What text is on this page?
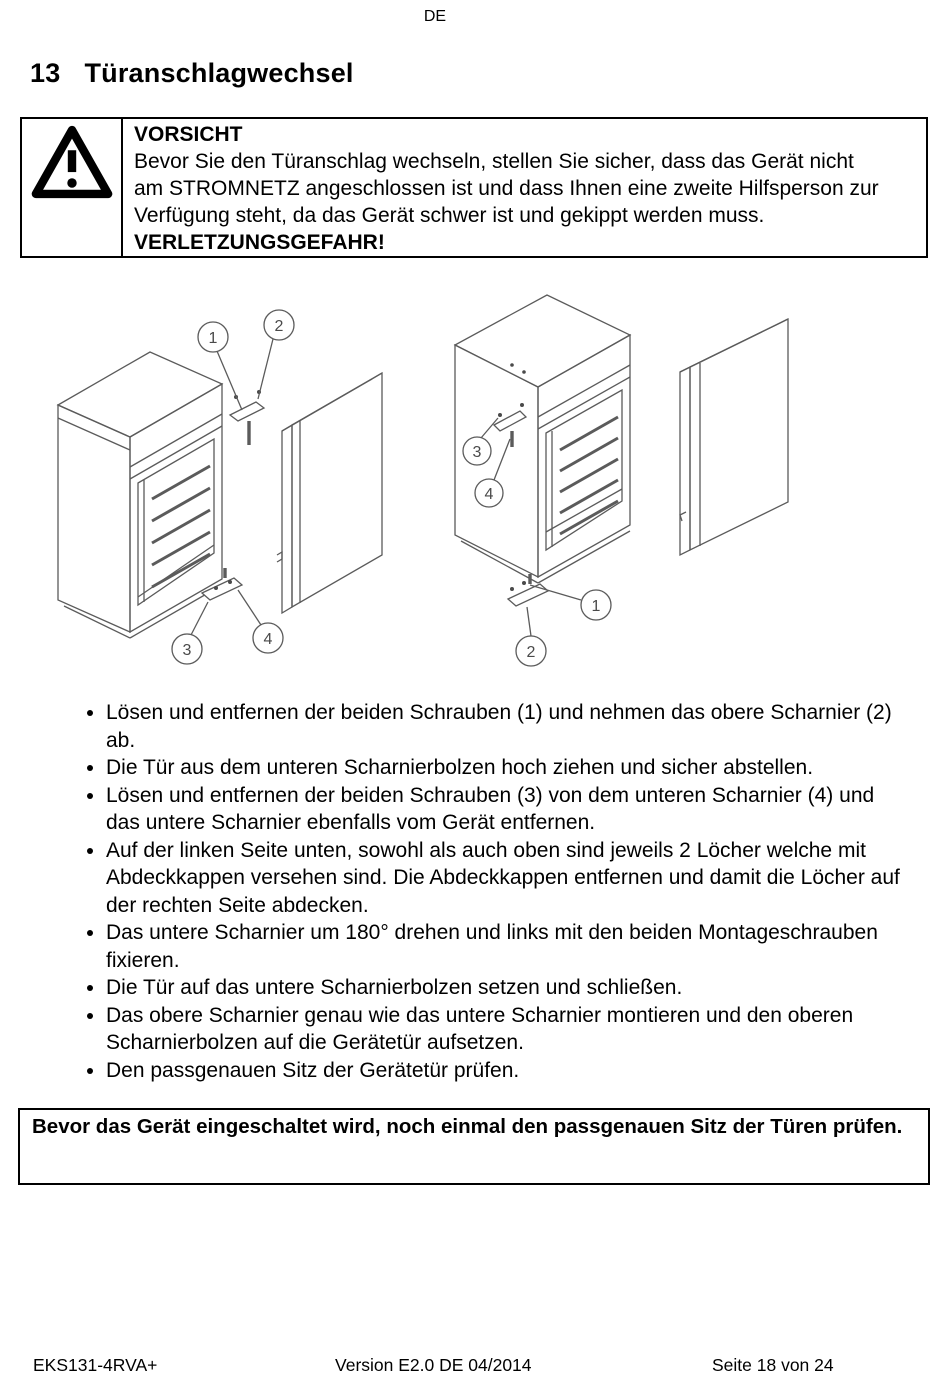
DE
13 Türanschlagwechsel
VORSICHT
Bevor Sie den Türanschlag wechseln, stellen Sie sicher, dass das Gerät nicht am STROMNETZ angeschlossen ist und dass Ihnen eine zweite Hilfsperson zur Verfügung steht, da das Gerät schwer ist und gekippt werden muss. VERLETZUNGSGEFAHR!
1
2
3
4
3
4
1
2
• Lösen und entfernen der beiden Schrauben (1) und nehmen das obere Scharnier (2) ab.
• Die Tür aus dem unteren Scharnierbolzen hoch ziehen und sicher abstellen.
• Lösen und entfernen der beiden Schrauben (3) von dem unteren Scharnier (4) und das untere Scharnier ebenfalls vom Gerät entfernen.
• Auf der linken Seite unten, sowohl als auch oben sind jeweils 2 Löcher welche mit Abdeckkappen versehen sind. Die Abdeckkappen entfernen und damit die Löcher auf der rechten Seite abdecken.
• Das untere Scharnier um 180° drehen und links mit den beiden Montageschrauben fixieren.
• Die Tür auf das untere Scharnierbolzen setzen und schließen.
• Das obere Scharnier genau wie das untere Scharnier montieren und den oberen Scharnierbolzen auf die Gerätetür aufsetzen.
• Den passgenauen Sitz der Gerätetür prüfen.
Bevor das Gerät eingeschaltet wird, noch einmal den passgenauen Sitz der Türen prüfen.
EKS131-4RVA+	Version E2.0 DE 04/2014	Seite 18 von 24
